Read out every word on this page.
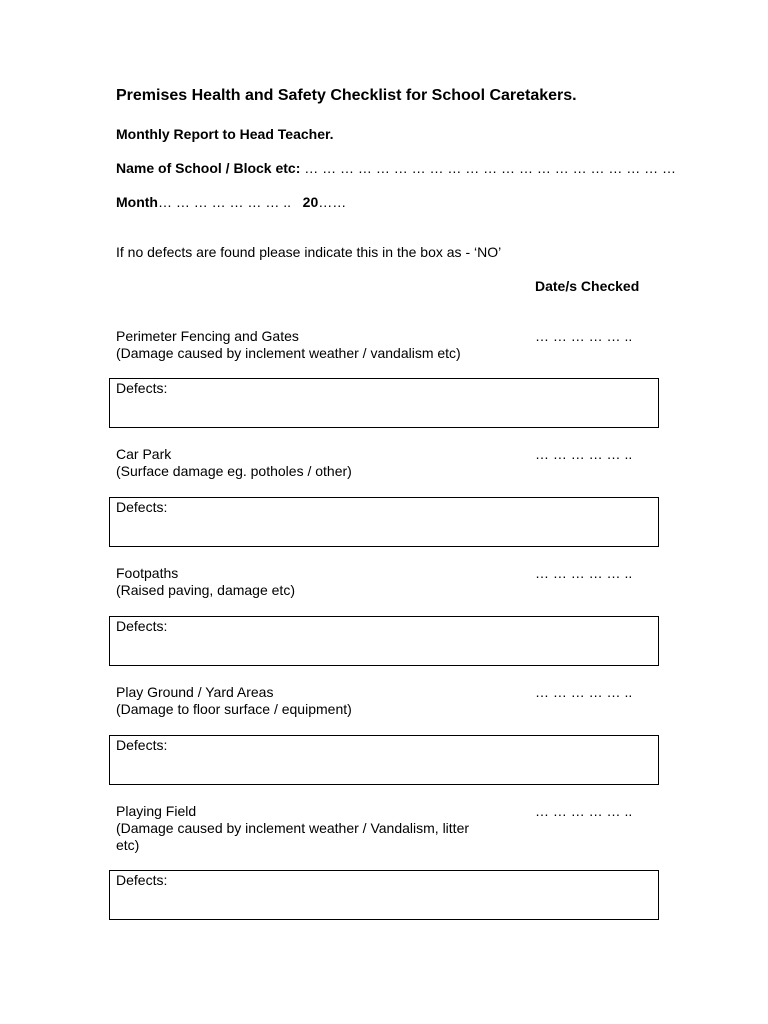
Premises Health and Safety Checklist for School Caretakers.
Monthly Report to Head Teacher.
Name of School / Block etc: … … … … … … … … … … … … … … … … … … … … …
Month… … … … … … … .. 20……
If no defects are found please indicate this in the box as - ‘NO’
Date/s Checked
Perimeter Fencing and Gates	… … … … … ..
(Damage caused by inclement weather / vandalism etc)
Defects:
Car Park	… … … … … ..
(Surface damage eg. potholes / other)
Defects:
Footpaths	… … … … … ..
(Raised paving, damage etc)
Defects:
Play Ground / Yard Areas	… … … … … ..
(Damage to floor surface / equipment)
Defects:
Playing Field	… … … … … ..
(Damage caused by inclement weather / Vandalism, litter etc)
Defects:
